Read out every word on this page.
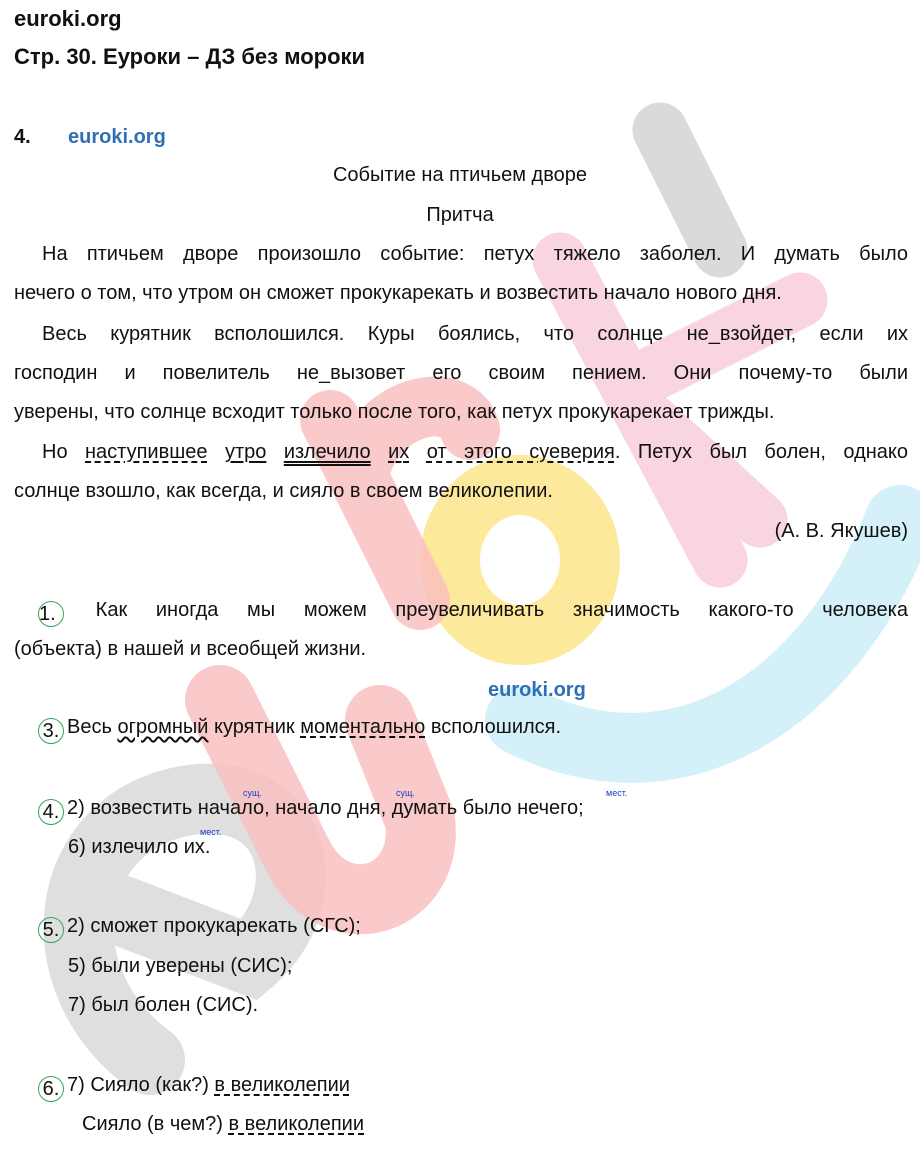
euroki.org
Стр. 30. Еуроки – ДЗ без мороки
4. euroki.org
Событие на птичьем дворе
Притча
На птичьем дворе произошло событие: петух тяжело заболел. И думать было
нечего о том, что утром он сможет прокукарекать и возвестить начало нового дня.
Весь курятник всполошился. Куры боялись, что солнце не_взойдет, если их
господин и повелитель не_вызовет его своим пением. Они почему-то были
уверены, что солнце всходит только после того, как петух прокукарекает трижды.
Но наступившее утро излечило их от этого суеверия. Петух был болен, однако
солнце взошло, как всегда, и сияло в своем великолепии.
(А. В. Якушев)
1. Как иногда мы можем преувеличивать значимость какого-то человека
(объекта) в нашей и всеобщей жизни.
euroki.org
3. Весь огромный курятник моментально всполошился.
сущ.	сущ.	мест.
мест.
4. 2) возвестить начало, начало дня, думать было нечего;
6) излечило их.
5. 2) сможет прокукарекать (СГС);
5) были уверены (СИС);
7) был болен (СИС).
6. 7) Сияло (как?) в великолепии
Сияло (в чем?) в великолепии
